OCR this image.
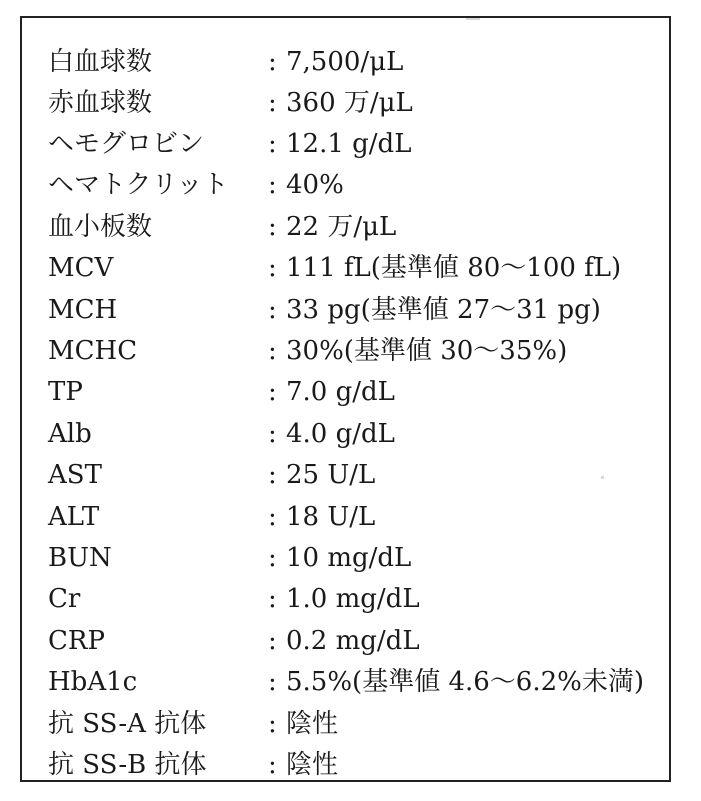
白血球数	: 7,500/μL
赤血球数	: 360 万/μL
ヘモグロビン : 12.1 g/dL
ヘマトクリット : 40%
血小板数	: 22 万/μL
MCV	: 111 fL(基準値 80〜100 fL)
MCH	: 33 pg(基準値 27〜31 pg)
MCHC	: 30%(基準値 30〜35%)
TP	: 7.0 g/dL
Alb	: 4.0 g/dL
AST	: 25 U/L
ALT	: 18 U/L
BUN	: 10 mg/dL
Cr	: 1.0 mg/dL
CRP	: 0.2 mg/dL
HbA1c	: 5.5%(基準値 4.6〜6.2%未満)
抗 SS-A 抗体 : 陰性
抗 SS-B 抗体 : 陰性
